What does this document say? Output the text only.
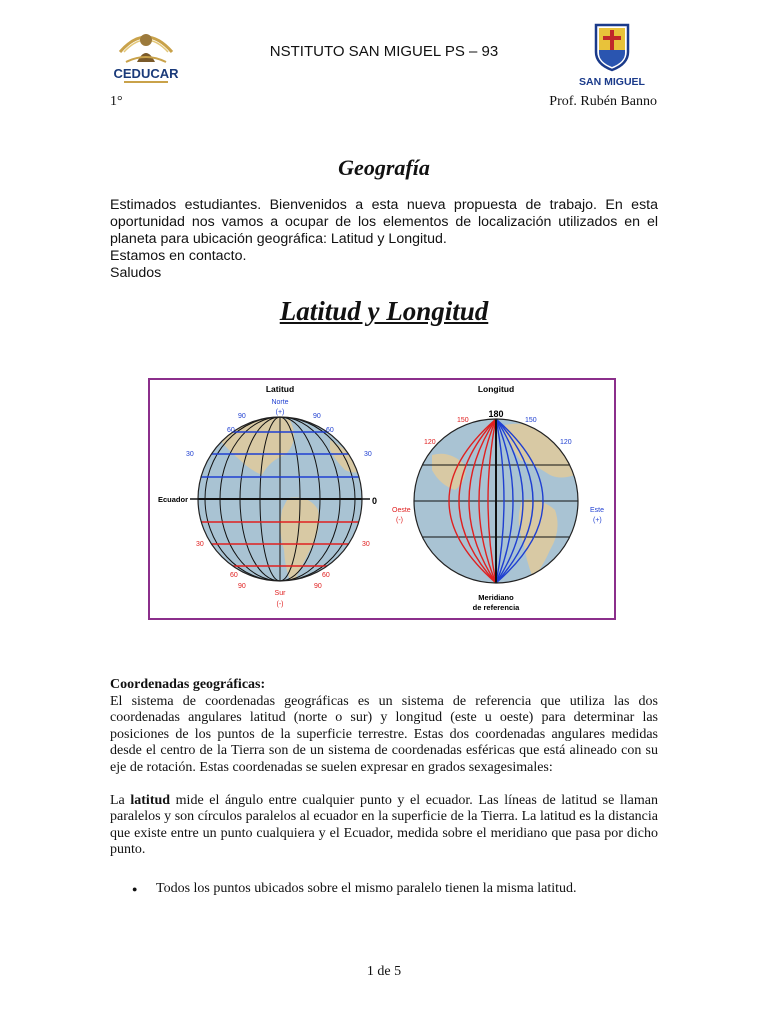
CEDUCAR
NSTITUTO SAN MIGUEL PS – 93
SAN MIGUEL
1°	Prof. Rubén Banno
Geografía

Estimados estudiantes. Bienvenidos a esta nueva propuesta de trabajo. En esta oportunidad nos vamos a ocupar de los elementos de localización utilizados en el planeta para ubicación geográfica: Latitud y Longitud.

Estamos en contacto.

Saludos

Latitud y Longitud
Latitud
Norte
(+)
90	90
60	60
30	30
Ecuador	0
30	30
60	60
90	90
Sur
(-)
Longitud
180
150	150
120	120
Oeste
(-)
Este
(+)
Meridiano
de referencia

Coordenadas geográficas:

El sistema de coordenadas geográficas es un sistema de referencia que utiliza las dos coordenadas angulares latitud (norte o sur) y longitud (este u oeste) para determinar las posiciones de los puntos de la superficie terrestre. Estas dos coordenadas angulares medidas desde el centro de la Tierra son de un sistema de coordenadas esféricas que está alineado con su eje de rotación. Estas coordenadas se suelen expresar en grados sexagesimales:

La latitud mide el ángulo entre cualquier punto y el ecuador. Las líneas de latitud se llaman paralelos y son círculos paralelos al ecuador en la superficie de la Tierra. La latitud es la distancia que existe entre un punto cualquiera y el Ecuador, medida sobre el meridiano que pasa por dicho punto.

● Todos los puntos ubicados sobre el mismo paralelo tienen la misma latitud.
1 de 5
